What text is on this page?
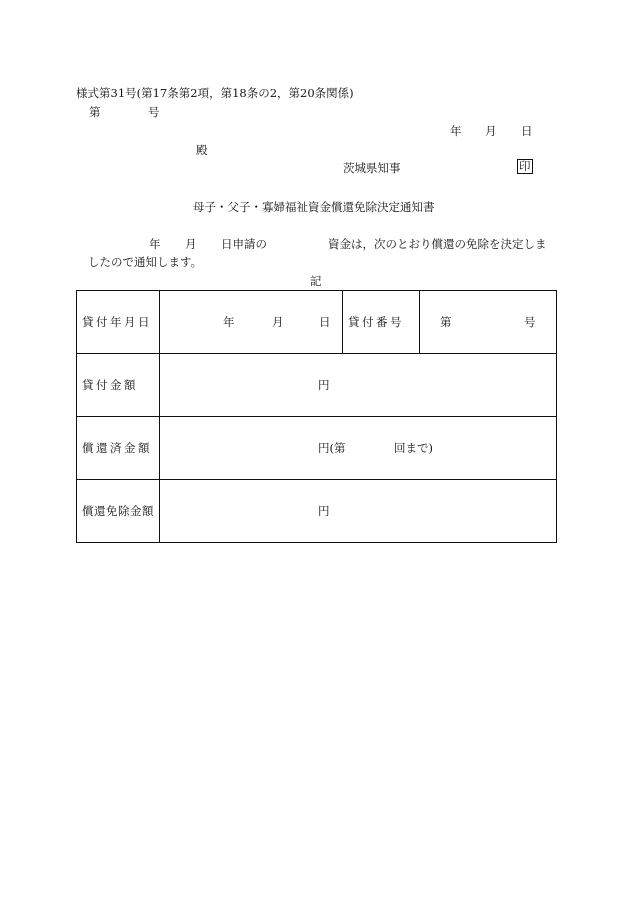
様式第31号(第17条第2項，第18条の2，第20条関係)
第	号
年 月 日
殿
茨城県知事	印
母子・父子・寡婦福祉資金償還免除決定通知書
年 月 日申請の	資金は，次のとおり償還の免除を決定しま
したので通知します。
記
貸付年月日	年 月 日	貸付番号	第 号

貸付金額	円		

償還済金額	円(第 回まで)		

償還免除金額	円		
